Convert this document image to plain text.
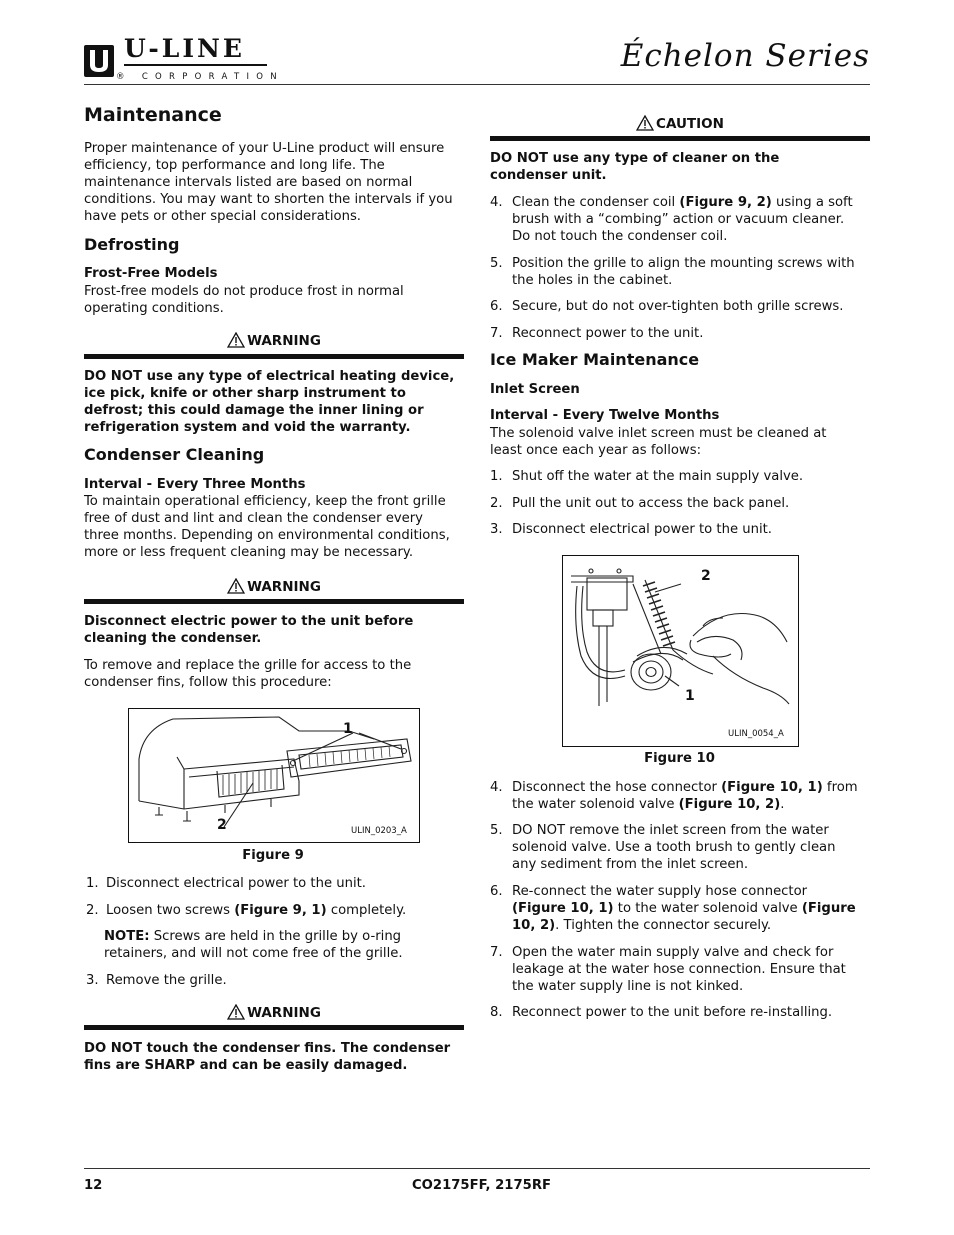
U-LINE
® CORPORATION
Échelon Series
Maintenance

Proper maintenance of your U-Line product will ensure efficiency, top performance and long life. The maintenance intervals listed are based on normal conditions. You may want to shorten the intervals if you have pets or other special considerations.

Defrosting
Frost-Free Models

Frost-free models do not produce frost in normal operating conditions.

WARNING

DO NOT use any type of electrical heating device, ice pick, knife or other sharp instrument to defrost; this could damage the inner lining or refrigeration system and void the warranty.

Condenser Cleaning
Interval - Every Three Months

To maintain operational efficiency, keep the front grille free of dust and lint and clean the condenser every three months. Depending on environmental conditions, more or less frequent cleaning may be necessary.

WARNING

Disconnect electric power to the unit before cleaning the condenser.

To remove and replace the grille for access to the condenser fins, follow this procedure:

1
2	ULIN_0203_A
Figure 9
1. Disconnect electrical power to the unit.
2. Loosen two screws (Figure 9, 1) completely.

NOTE: Screws are held in the grille by o-ring retainers, and will not come free of the grille.

3. Remove the grille.
WARNING

DO NOT touch the condenser fins. The condenser fins are SHARP and can be easily damaged.

CAUTION

DO NOT use any type of cleaner on the condenser unit.

4. Clean the condenser coil (Figure 9, 2) using a soft brush with a “combing” action or vacuum cleaner. Do not touch the condenser coil.
5. Position the grille to align the mounting screws with the holes in the cabinet.
6. Secure, but do not over-tighten both grille screws.
7. Reconnect power to the unit.
Ice Maker Maintenance
Inlet Screen
Interval - Every Twelve Months

The solenoid valve inlet screen must be cleaned at least once each year as follows:

1. Shut off the water at the main supply valve.
2. Pull the unit out to access the back panel.
3. Disconnect electrical power to the unit.
2
1
ULIN_0054_A
Figure 10
4. Disconnect the hose connector (Figure 10, 1) from the water solenoid valve (Figure 10, 2).
5. DO NOT remove the inlet screen from the water solenoid valve. Use a tooth brush to gently clean any sediment from the inlet screen.
6. Re-connect the water supply hose connector (Figure 10, 1) to the water solenoid valve (Figure 10, 2). Tighten the connector securely.
7. Open the water main supply valve and check for leakage at the water hose connection. Ensure that the water supply line is not kinked.
8. Reconnect power to the unit before re-installing.
12	CO2175FF, 2175RF
